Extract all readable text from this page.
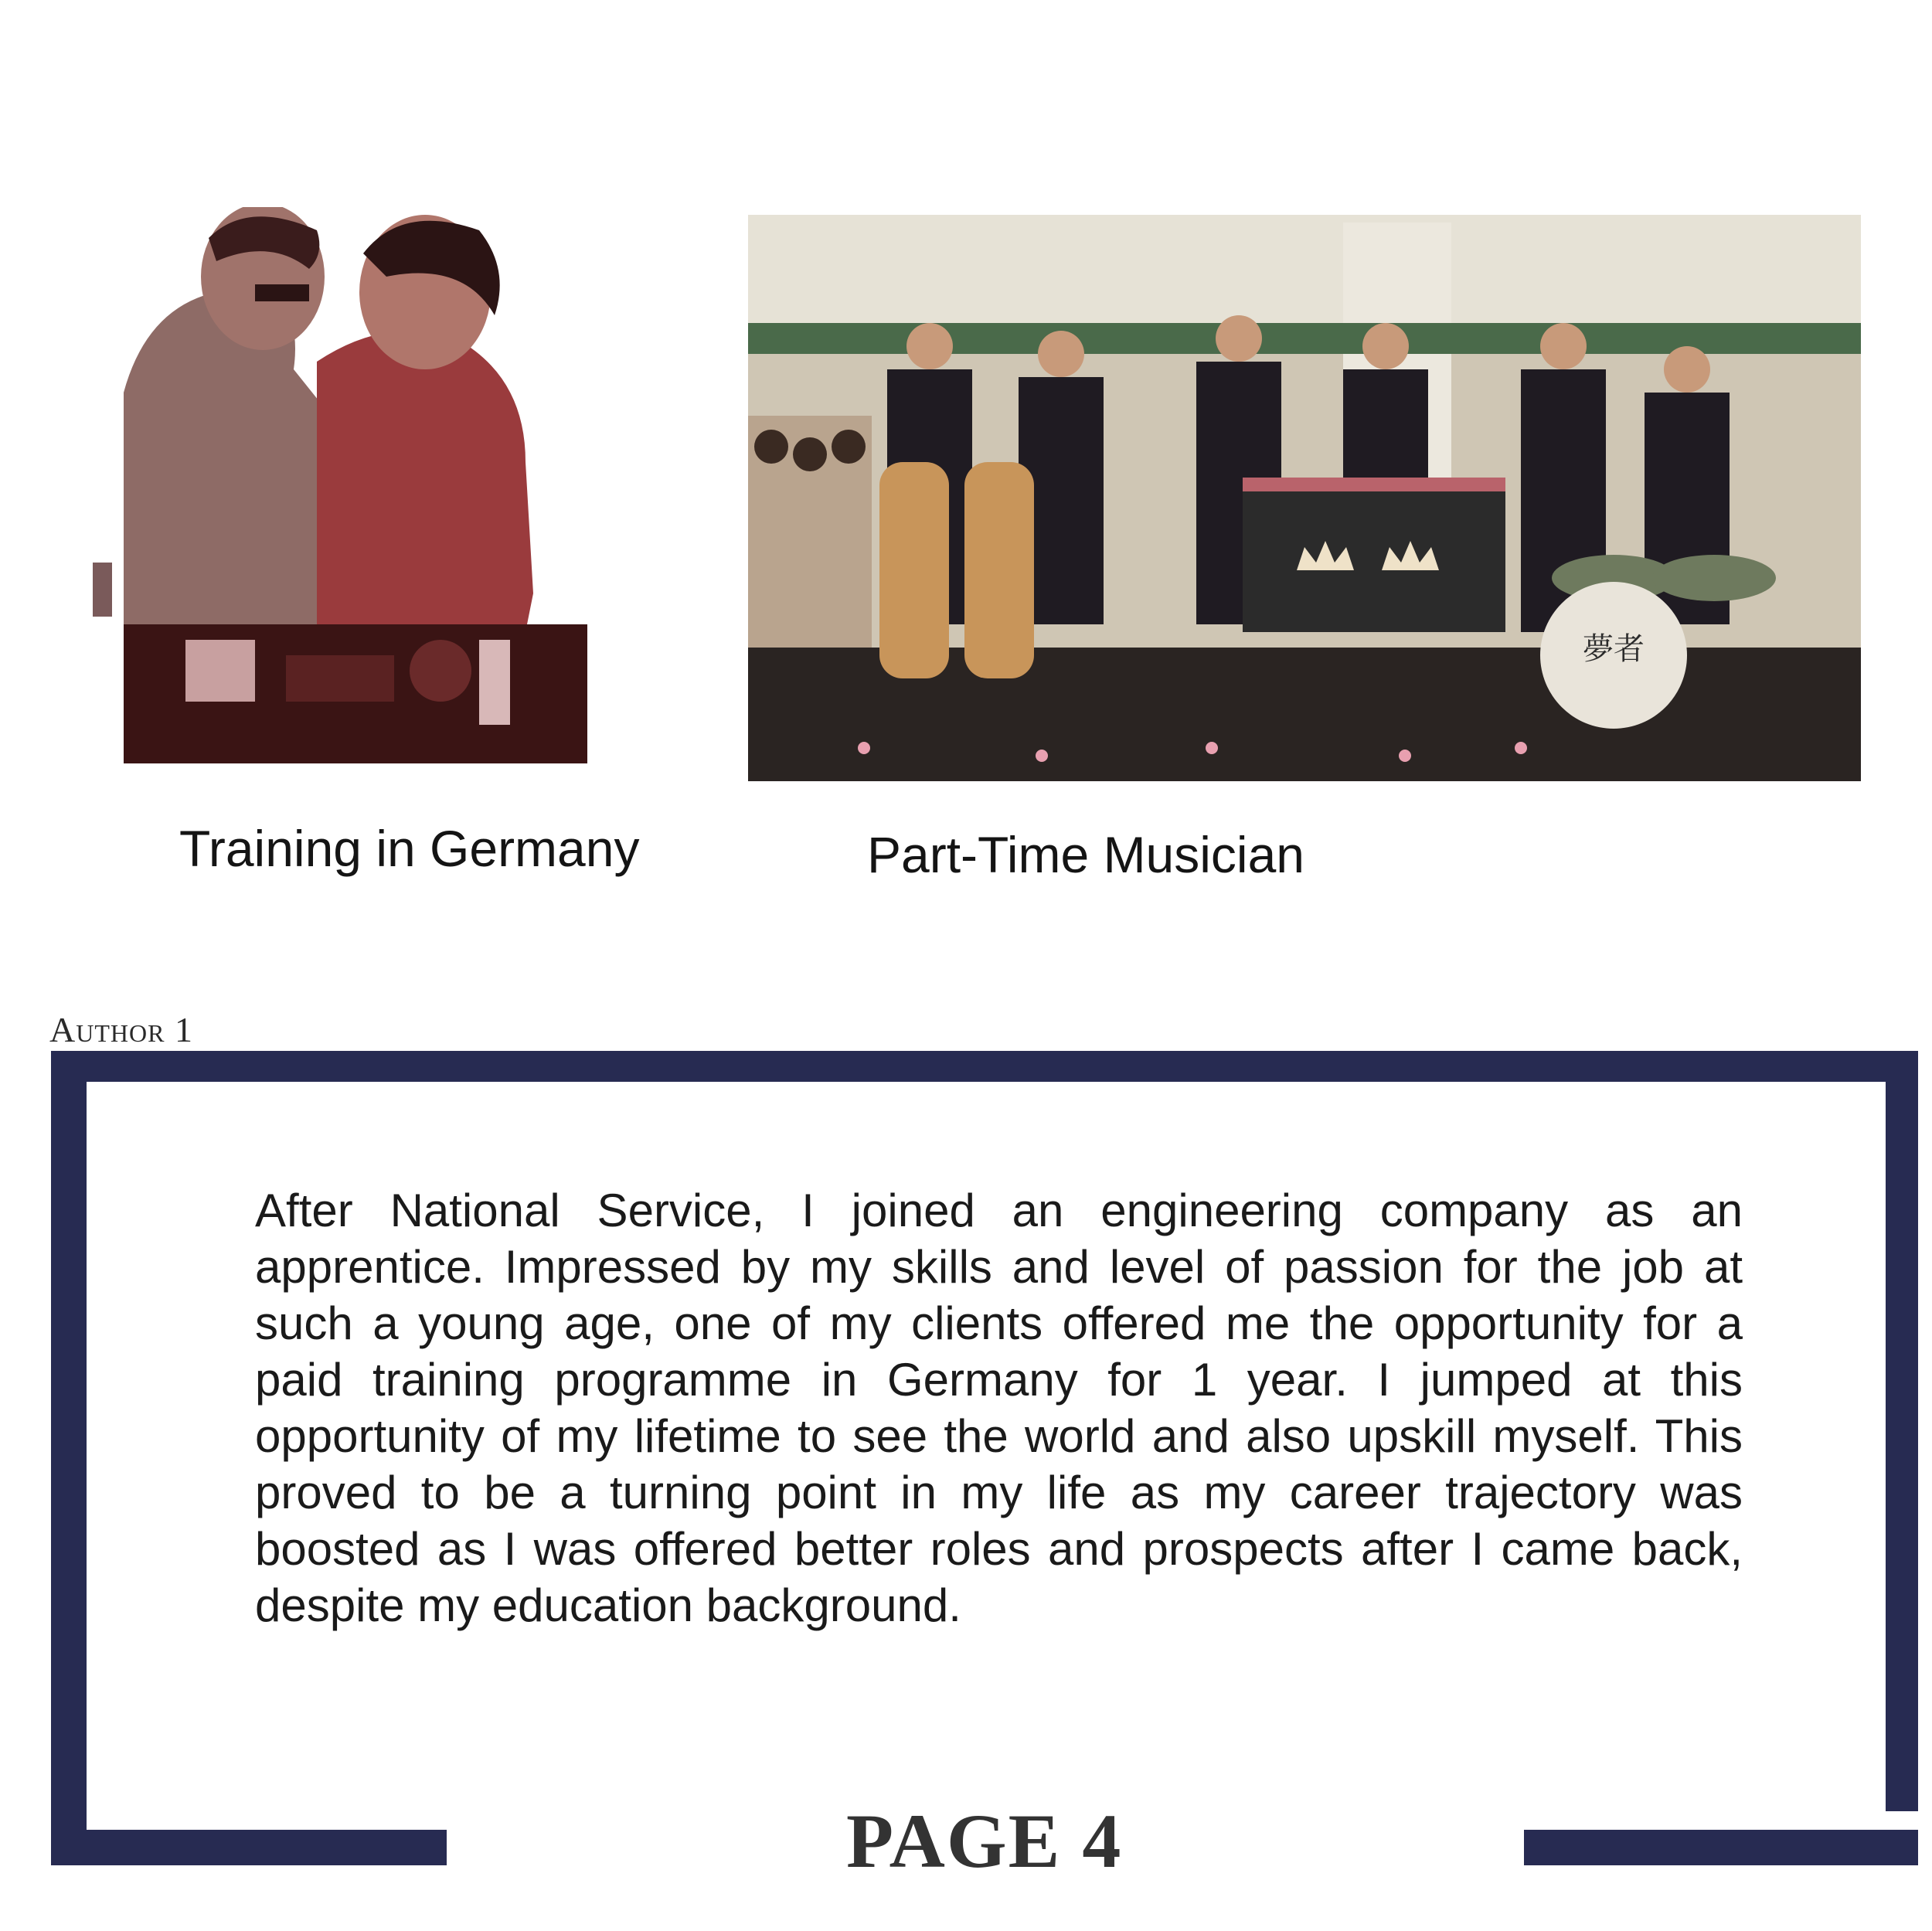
夢者
Training in Germany	Part-Time Musician
Author 1

After National Service, I joined an engineering company as an apprentice. Impressed by my skills and level of passion for the job at such a young age, one of my clients offered me the opportunity for a paid training programme in Germany for 1 year. I jumped at this opportunity of my lifetime to see the world and also upskill myself. This proved to be a turning point in my life as my career trajectory was boosted as I was offered better roles and prospects after I came back, despite my education background.

PAGE 4
